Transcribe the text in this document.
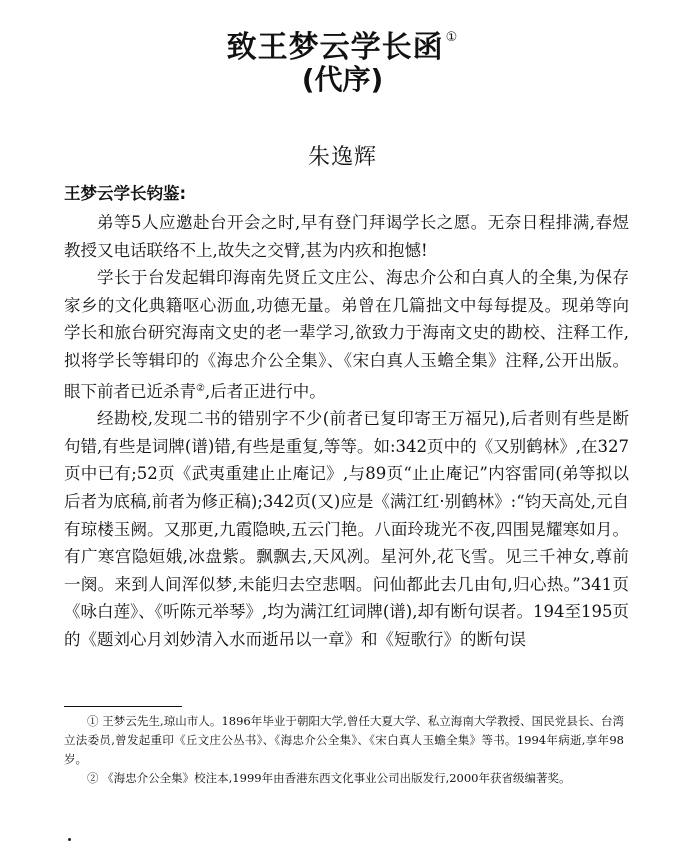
致王梦云学长函 ①
(代序)
朱逸辉
王梦云学长钧鉴:

弟等5人应邀赴台开会之时,早有登门拜谒学长之愿。无奈日程排满,春煜教授又电话联络不上,故失之交臂,甚为内疚和抱憾!

学长于台发起辑印海南先贤丘文庄公、海忠介公和白真人的全集,为保存家乡的文化典籍呕心沥血,功德无量。弟曾在几篇拙文中每每提及。现弟等向学长和旅台研究海南文史的老一辈学习,欲致力于海南文史的勘校、注释工作,拟将学长等辑印的《海忠介公全集》、《宋白真人玉蟾全集》注释,公开出版。眼下前者已近杀青②,后者正进行中。

经勘校,发现二书的错别字不少(前者已复印寄王万福兄),后者则有些是断句错,有些是词牌(谱)错,有些是重复,等等。如:342页中的《又别鹤林》,在327页中已有;52页《武夷重建止止庵记》,与89页“止止庵记”内容雷同(弟等拟以后者为底稿,前者为修正稿);342页(又)应是《满江红·别鹤林》:“钧天高处,元自有琼楼玉阙。又那更,九霞隐映,五云门艳。八面玲珑光不夜,四围晃耀寒如月。有广寒宫隐姮娥,冰盘紫。飘飘去,天风冽。星河外,花飞雪。见三千神女,尊前一阕。来到人间浑似梦,未能归去空悲咽。问仙都此去几由旬,归心热。”341页《咏白莲》、《听陈元举琴》,均为满江红词牌(谱),却有断句误者。194至195页的《题刘心月刘妙清入水而逝吊以一章》和《短歌行》的断句误

① 王梦云先生,琼山市人。1896年毕业于朝阳大学,曾任大夏大学、私立海南大学教授、国民党县长、台湾立法委员,曾发起重印《丘文庄公丛书》、《海忠介公全集》、《宋白真人玉蟾全集》等书。1994年病逝,享年98岁。

② 《海忠介公全集》校注本,1999年由香港东西文化事业公司出版发行,2000年获省级编著奖。
